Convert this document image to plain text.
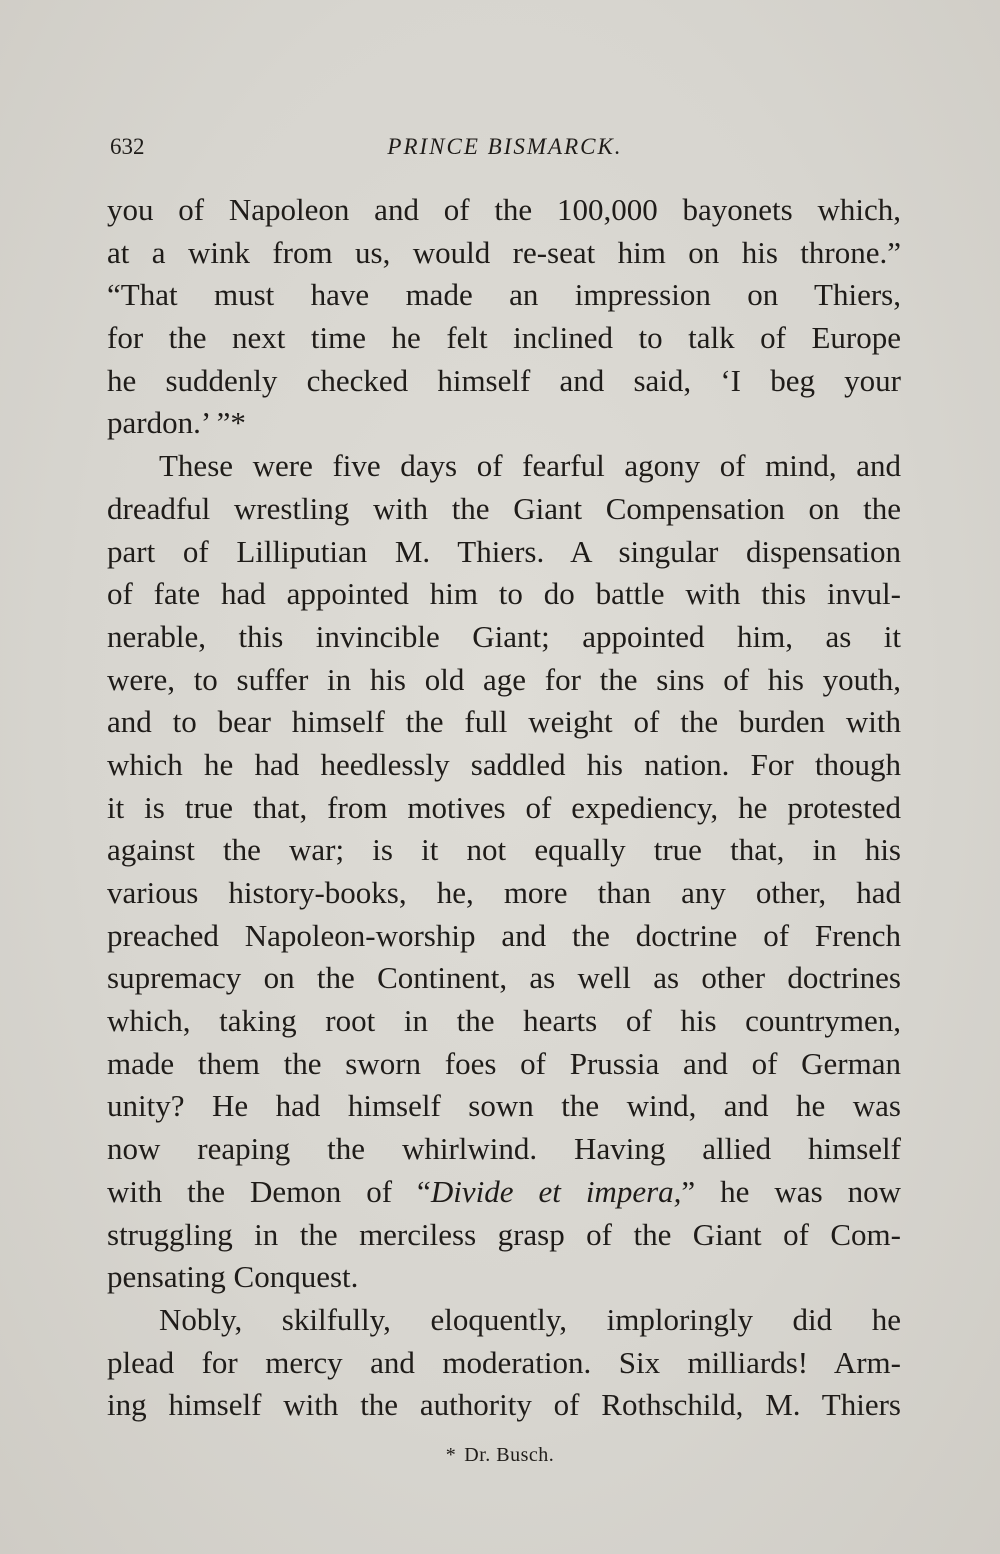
632	PRINCE BISMARCK.
you of Napoleon and of the 100,000 bayonets which,
at a wink from us, would re-seat him on his throne.”
“That must have made an impression on Thiers,
for the next time he felt inclined to talk of Europe
he suddenly checked himself and said, ‘I beg your
pardon.’ ”*
These were five days of fearful agony of mind, and
dreadful wrestling with the Giant Compensation on the
part of Lilliputian M. Thiers. A singular dispensation
of fate had appointed him to do battle with this invul-
nerable, this invincible Giant; appointed him, as it
were, to suffer in his old age for the sins of his youth,
and to bear himself the full weight of the burden with
which he had heedlessly saddled his nation. For though
it is true that, from motives of expediency, he protested
against the war; is it not equally true that, in his
various history-books, he, more than any other, had
preached Napoleon-worship and the doctrine of French
supremacy on the Continent, as well as other doctrines
which, taking root in the hearts of his countrymen,
made them the sworn foes of Prussia and of German
unity? He had himself sown the wind, and he was
now reaping the whirlwind. Having allied himself
with the Demon of “Divide et impera,” he was now
struggling in the merciless grasp of the Giant of Com-
pensating Conquest.
Nobly, skilfully, eloquently, imploringly did he
plead for mercy and moderation. Six milliards! Arm-
ing himself with the authority of Rothschild, M. Thiers
* Dr. Busch.
